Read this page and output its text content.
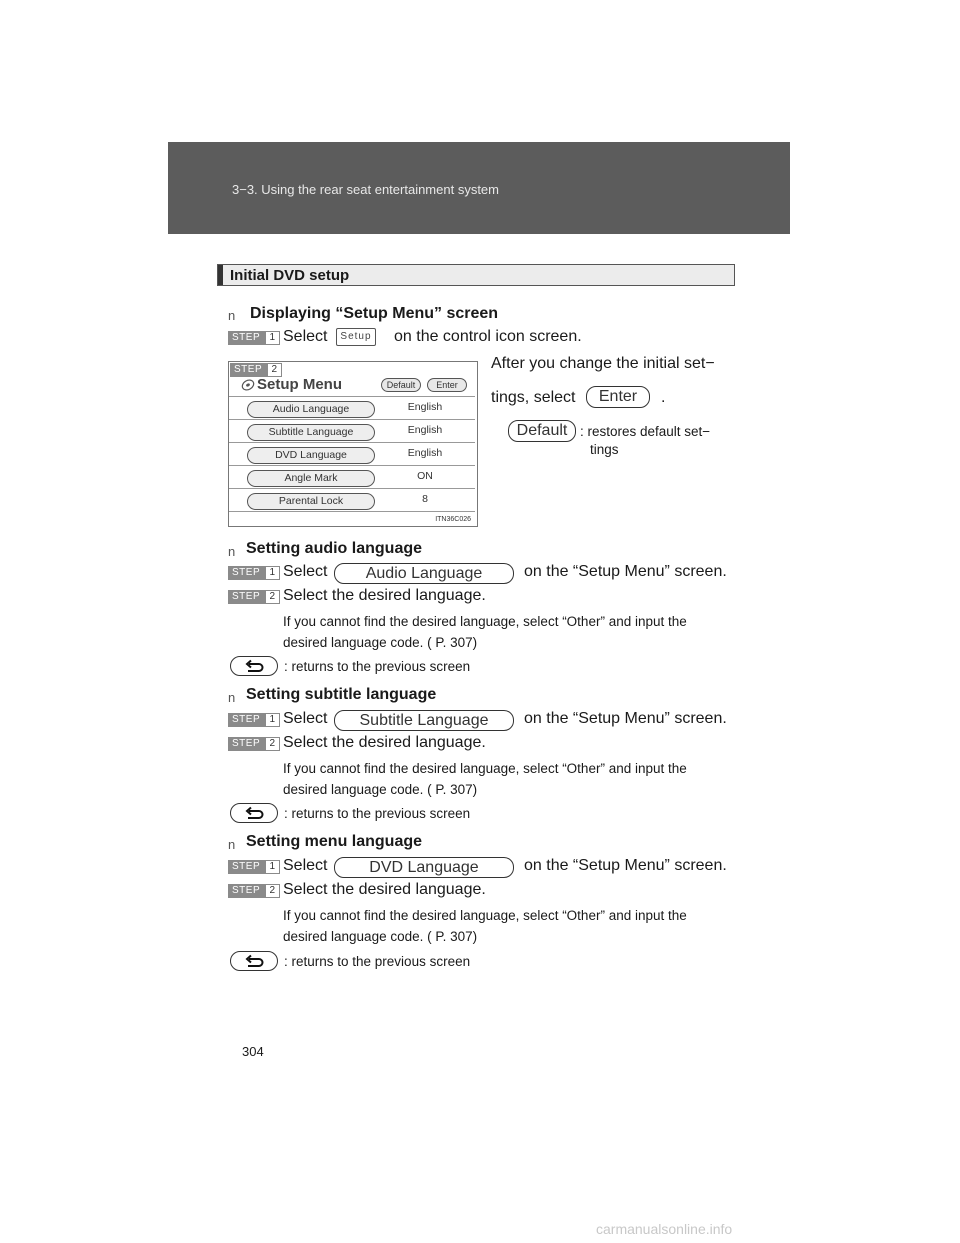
3−3. Using the rear seat entertainment system
Initial DVD setup
n Displaying “Setup Menu” screen
STEP 1 Select	Setup on the control icon screen.
STEP 2
Setup Menu	Default	Enter
Audio Language	English
Subtitle Language	English
DVD Language	English
Angle Mark	ON
Parental Lock	8
ITN36C026
After you change the initial set−
tings, select	Enter	.
Default : restores default set−
tings
n Setting audio language
STEP 1 Select	Audio Language	on the “Setup Menu” screen.
STEP 2 Select the desired language.
If you cannot find the desired language, select “Other” and input the
desired language code. ( P. 307)
: returns to the previous screen
n Setting subtitle language
STEP 1 Select	Subtitle Language	on the “Setup Menu” screen.
STEP 2 Select the desired language.
If you cannot find the desired language, select “Other” and input the
desired language code. ( P. 307)
: returns to the previous screen
n Setting menu language
STEP 1 Select	DVD Language	on the “Setup Menu” screen.
STEP 2 Select the desired language.
If you cannot find the desired language, select “Other” and input the
desired language code. ( P. 307)
: returns to the previous screen
304
carmanualsonline.info
